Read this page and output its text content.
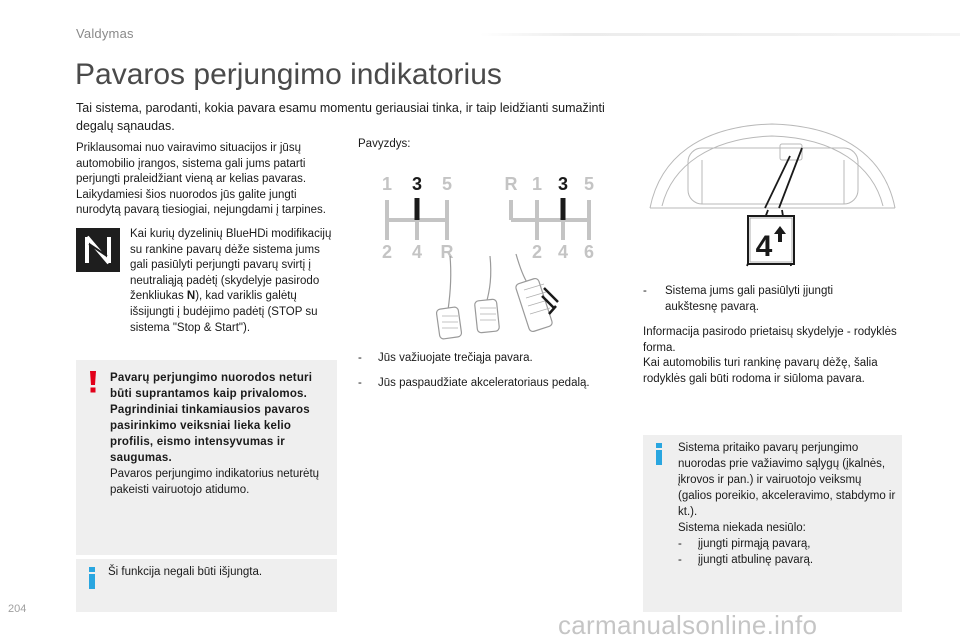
Valdymas
Pavaros perjungimo indikatorius
Tai sistema, parodanti, kokia pavara esamu momentu geriausiai tinka, ir taip leidžianti sumažinti degalų sąnaudas.
Priklausomai nuo vairavimo situacijos ir jūsų automobilio įrangos, sistema gali jums patarti perjungti praleidžiant vieną ar kelias pavaras. Laikydamiesi šios nuorodos jūs galite jungti nurodytą pavarą tiesiogiai, nejungdami į tarpines.
Kai kurių dyzelinių BlueHDi modifikacijų su rankine pavarų dėže sistema jums gali pasiūlyti perjungti pavarų svirtį į neutraliąją padėtį (skydelyje pasirodo ženkliukas N), kad variklis galėtų išsijungti į budėjimo padėtį (STOP su sistema "Stop & Start").
Pavarų perjungimo nuorodos neturi būti suprantamos kaip privalomos. Pagrindiniai tinkamiausios pavaros pasirinkimo veiksniai lieka kelio profilis, eismo intensyvumas ir saugumas.
Pavaros perjungimo indikatorius neturėtų pakeisti vairuotojo atidumo.
Ši funkcija negali būti išjungta.
Pavyzdys:
1 3 5
2 4 R
R 1 3 5
2 4 6
- Jūs važiuojate trečiąja pavara.
- Jūs paspaudžiate akceleratoriaus pedalą.
4
- Sistema jums gali pasiūlyti įjungti aukštesnę pavarą.
Informacija pasirodo prietaisų skydelyje - rodyklės forma.
Kai automobilis turi rankinę pavarų dėžę, šalia rodyklės gali būti rodoma ir siūloma pavara.
Sistema pritaiko pavarų perjungimo nuorodas prie važiavimo sąlygų (įkalnės, įkrovos ir pan.) ir vairuotojo veiksmų (galios poreikio, akceleravimo, stabdymo ir kt.).
Sistema niekada nesiūlo:
- įjungti pirmąją pavarą,
- įjungti atbulinę pavarą.
204
carmanualsonline.info
